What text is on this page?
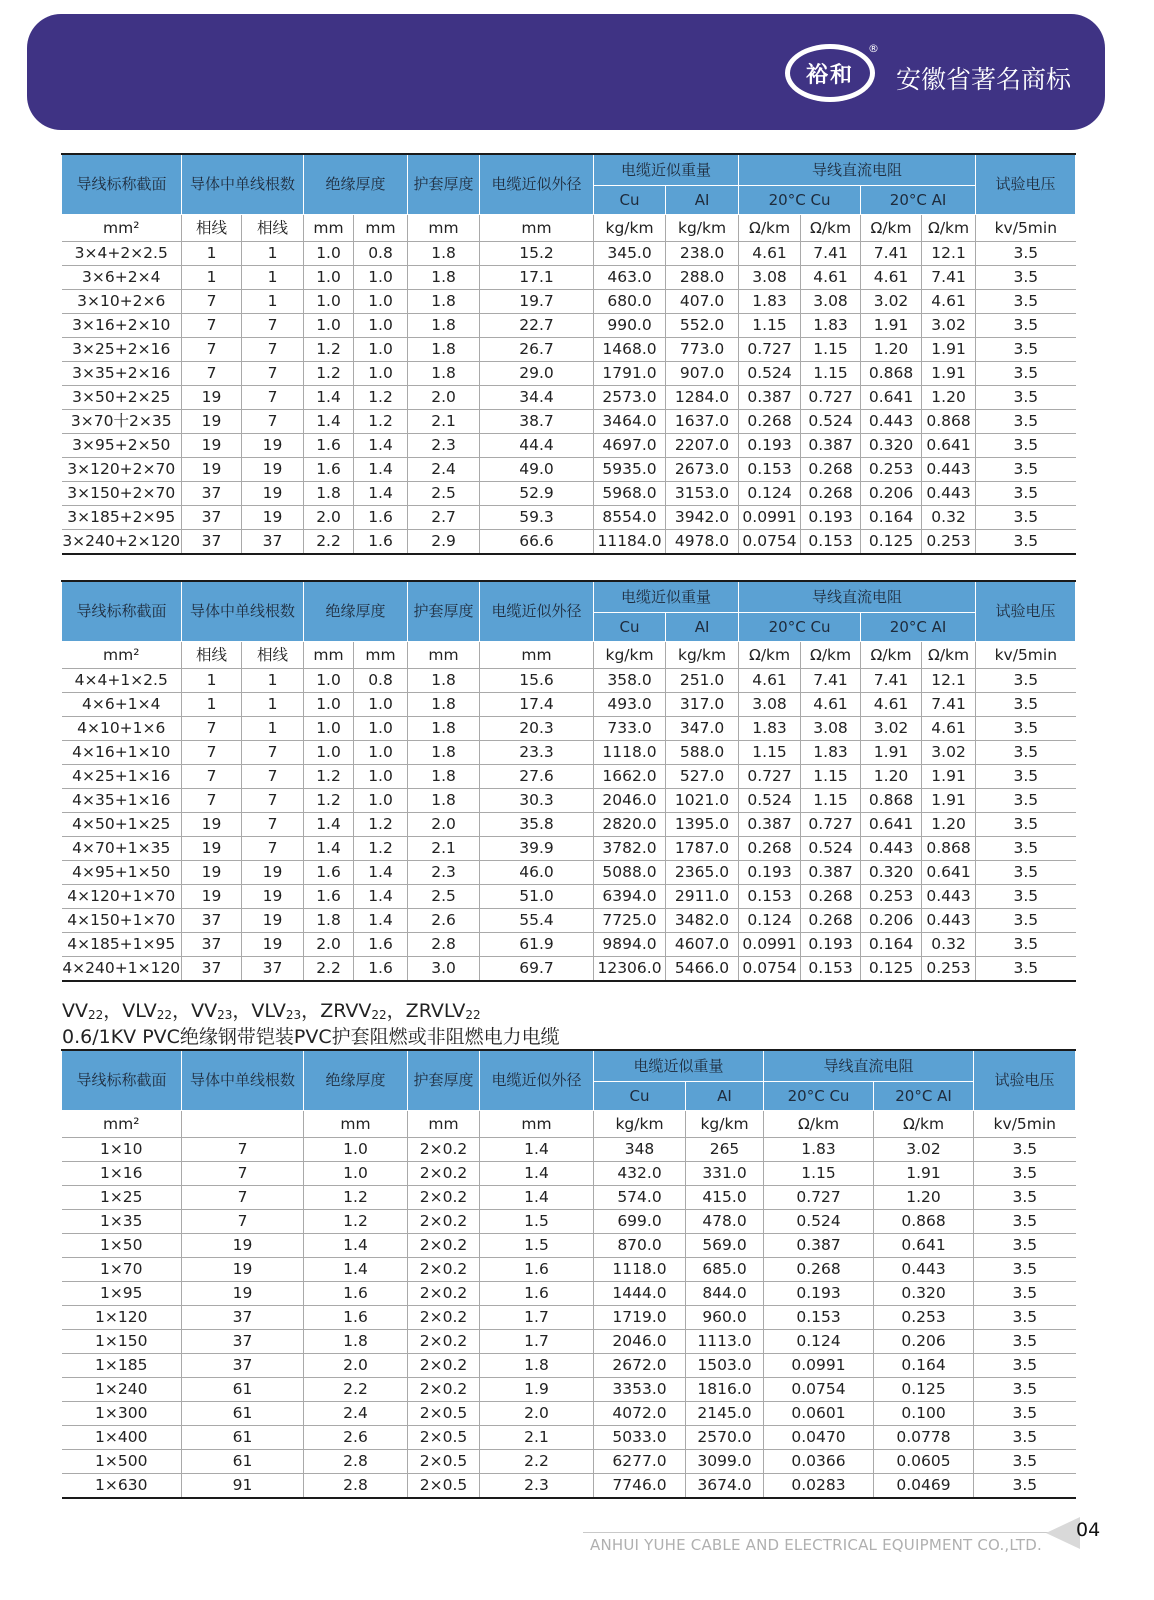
裕和
®
安徽省著名商标
导线标称截面	导体中单线根数		绝缘厚度		护套厚度	电缆近似外径	电缆近似重量		导线直流电阻				试验电压
							Cu	AI	20°C Cu		20°C AI		
mm²	相线	相线	mm	mm	mm	mm	kg/km	kg/km	Ω/km	Ω/km	Ω/km	Ω/km	kv/5min
3×4+2×2.5	1	1	1.0	0.8	1.8	15.2	345.0	238.0	4.61	7.41	7.41	12.1	3.5
3×6+2×4	1	1	1.0	1.0	1.8	17.1	463.0	288.0	3.08	4.61	4.61	7.41	3.5
3×10+2×6	7	1	1.0	1.0	1.8	19.7	680.0	407.0	1.83	3.08	3.02	4.61	3.5
3×16+2×10	7	7	1.0	1.0	1.8	22.7	990.0	552.0	1.15	1.83	1.91	3.02	3.5
3×25+2×16	7	7	1.2	1.0	1.8	26.7	1468.0	773.0	0.727	1.15	1.20	1.91	3.5
3×35+2×16	7	7	1.2	1.0	1.8	29.0	1791.0	907.0	0.524	1.15	0.868	1.91	3.5
3×50+2×25	19	7	1.4	1.2	2.0	34.4	2573.0	1284.0	0.387	0.727	0.641	1.20	3.5
3×70十2×35	19	7	1.4	1.2	2.1	38.7	3464.0	1637.0	0.268	0.524	0.443	0.868	3.5
3×95+2×50	19	19	1.6	1.4	2.3	44.4	4697.0	2207.0	0.193	0.387	0.320	0.641	3.5
3×120+2×70	19	19	1.6	1.4	2.4	49.0	5935.0	2673.0	0.153	0.268	0.253	0.443	3.5
3×150+2×70	37	19	1.8	1.4	2.5	52.9	5968.0	3153.0	0.124	0.268	0.206	0.443	3.5
3×185+2×95	37	19	2.0	1.6	2.7	59.3	8554.0	3942.0	0.0991	0.193	0.164	0.32	3.5
3×240+2×120	37	37	2.2	1.6	2.9	66.6	11184.0	4978.0	0.0754	0.153	0.125	0.253	3.5
导线标称截面	导体中单线根数		绝缘厚度		护套厚度	电缆近似外径	电缆近似重量		导线直流电阻				试验电压
							Cu	AI	20°C Cu		20°C AI		
mm²	相线	相线	mm	mm	mm	mm	kg/km	kg/km	Ω/km	Ω/km	Ω/km	Ω/km	kv/5min
4×4+1×2.5	1	1	1.0	0.8	1.8	15.6	358.0	251.0	4.61	7.41	7.41	12.1	3.5
4×6+1×4	1	1	1.0	1.0	1.8	17.4	493.0	317.0	3.08	4.61	4.61	7.41	3.5
4×10+1×6	7	1	1.0	1.0	1.8	20.3	733.0	347.0	1.83	3.08	3.02	4.61	3.5
4×16+1×10	7	7	1.0	1.0	1.8	23.3	1118.0	588.0	1.15	1.83	1.91	3.02	3.5
4×25+1×16	7	7	1.2	1.0	1.8	27.6	1662.0	527.0	0.727	1.15	1.20	1.91	3.5
4×35+1×16	7	7	1.2	1.0	1.8	30.3	2046.0	1021.0	0.524	1.15	0.868	1.91	3.5
4×50+1×25	19	7	1.4	1.2	2.0	35.8	2820.0	1395.0	0.387	0.727	0.641	1.20	3.5
4×70+1×35	19	7	1.4	1.2	2.1	39.9	3782.0	1787.0	0.268	0.524	0.443	0.868	3.5
4×95+1×50	19	19	1.6	1.4	2.3	46.0	5088.0	2365.0	0.193	0.387	0.320	0.641	3.5
4×120+1×70	19	19	1.6	1.4	2.5	51.0	6394.0	2911.0	0.153	0.268	0.253	0.443	3.5
4×150+1×70	37	19	1.8	1.4	2.6	55.4	7725.0	3482.0	0.124	0.268	0.206	0.443	3.5
4×185+1×95	37	19	2.0	1.6	2.8	61.9	9894.0	4607.0	0.0991	0.193	0.164	0.32	3.5
4×240+1×120	37	37	2.2	1.6	3.0	69.7	12306.0	5466.0	0.0754	0.153	0.125	0.253	3.5
$VV_{22}$，$VLV_{22}$，$VV_{23}$，$VLV_{23}$，$ZRVV_{22}$，$ZRVLV_{22}$
0.6/1KV PVC绝缘钢带铠装PVC护套阻燃或非阻燃电力电缆
导线标称截面	导体中单线根数	绝缘厚度	护套厚度	电缆近似外径	电缆近似重量		导线直流电阻		试验电压
					Cu	AI	20°C Cu	20°C AI	
mm²		mm	mm	mm	kg/km	kg/km	Ω/km	Ω/km	kv/5min
1×10	7	1.0	2×0.2	1.4	348	265	1.83	3.02	3.5
1×16	7	1.0	2×0.2	1.4	432.0	331.0	1.15	1.91	3.5
1×25	7	1.2	2×0.2	1.4	574.0	415.0	0.727	1.20	3.5
1×35	7	1.2	2×0.2	1.5	699.0	478.0	0.524	0.868	3.5
1×50	19	1.4	2×0.2	1.5	870.0	569.0	0.387	0.641	3.5
1×70	19	1.4	2×0.2	1.6	1118.0	685.0	0.268	0.443	3.5
1×95	19	1.6	2×0.2	1.6	1444.0	844.0	0.193	0.320	3.5
1×120	37	1.6	2×0.2	1.7	1719.0	960.0	0.153	0.253	3.5
1×150	37	1.8	2×0.2	1.7	2046.0	1113.0	0.124	0.206	3.5
1×185	37	2.0	2×0.2	1.8	2672.0	1503.0	0.0991	0.164	3.5
1×240	61	2.2	2×0.2	1.9	3353.0	1816.0	0.0754	0.125	3.5
1×300	61	2.4	2×0.5	2.0	4072.0	2145.0	0.0601	0.100	3.5
1×400	61	2.6	2×0.5	2.1	5033.0	2570.0	0.0470	0.0778	3.5
1×500	61	2.8	2×0.5	2.2	6277.0	3099.0	0.0366	0.0605	3.5
1×630	91	2.8	2×0.5	2.3	7746.0	3674.0	0.0283	0.0469	3.5
ANHUI YUHE CABLE AND ELECTRICAL EQUIPMENT CO.,LTD.
04
